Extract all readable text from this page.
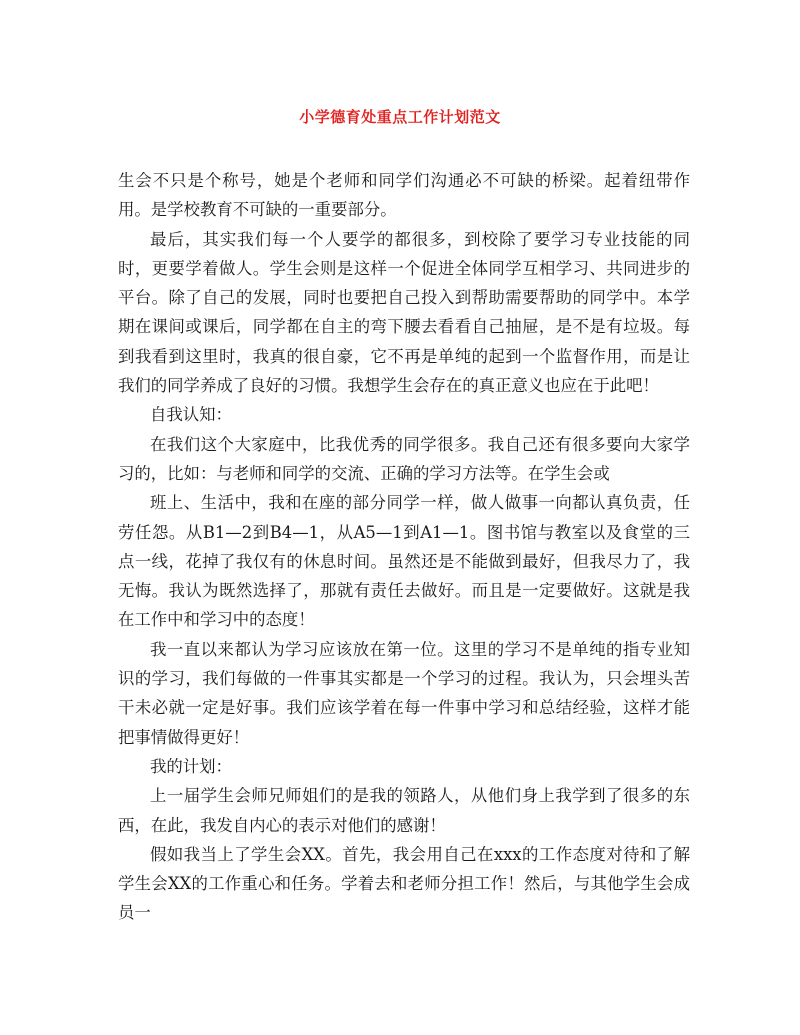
小学德育处重点工作计划范文

生会不只是个称号，她是个老师和同学们沟通必不可缺的桥梁。起着纽带作用。是学校教育不可缺的一重要部分。

最后，其实我们每一个人要学的都很多，到校除了要学习专业技能的同时，更要学着做人。学生会则是这样一个促进全体同学互相学习、共同进步的平台。除了自己的发展，同时也要把自己投入到帮助需要帮助的同学中。本学期在课间或课后，同学都在自主的弯下腰去看看自己抽屉，是不是有垃圾。每到我看到这里时，我真的很自豪，它不再是单纯的起到一个监督作用，而是让我们的同学养成了良好的习惯。我想学生会存在的真正意义也应在于此吧！

自我认知：

在我们这个大家庭中，比我优秀的同学很多。我自己还有很多要向大家学习的，比如：与老师和同学的交流、正确的学习方法等。在学生会或

班上、生活中，我和在座的部分同学一样，做人做事一向都认真负责，任劳任怨。从B1—2到B4—1，从A5—1到A1—1。图书馆与教室以及食堂的三点一线，花掉了我仅有的休息时间。虽然还是不能做到最好，但我尽力了，我无悔。我认为既然选择了，那就有责任去做好。而且是一定要做好。这就是我在工作中和学习中的态度！

我一直以来都认为学习应该放在第一位。这里的学习不是单纯的指专业知识的学习，我们每做的一件事其实都是一个学习的过程。我认为，只会埋头苦干未必就一定是好事。我们应该学着在每一件事中学习和总结经验，这样才能把事情做得更好！

我的计划：

上一届学生会师兄师姐们的是我的领路人，从他们身上我学到了很多的东西，在此，我发自内心的表示对他们的感谢！

假如我当上了学生会XX。首先，我会用自己在xxx的工作态度对待和了解学生会XX的工作重心和任务。学着去和老师分担工作！然后，与其他学生会成员一
